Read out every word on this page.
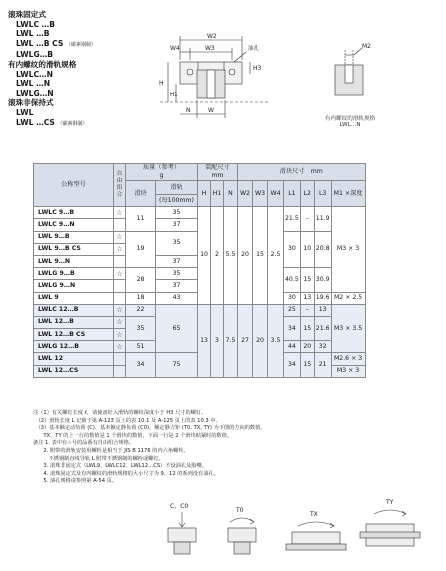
滚珠固定式
LWLC …B
LWL …B
LWL …B CS （碳素钢制）
LWLG…B
有内螺纹的滑轨规格
LWLC…N
LWL …N
LWLG…N
滚珠非保持式
LWL
LWL …CS （碳素钢制）
W2
W4	W3	油孔
H3
H
H1
N	W
M2
有内螺纹的滑轨规格
LWL…N
公称型号	自由组合	质量（参考）
g		装配尺寸
mm			滑块尺寸　 mm						
		滑块	滑轨	H	H1	N	W2	W3	W4	L1	L2	L3	M1 ×深度
			(每100mm)										
LWLC 9…B	☆	11	35	10	2	5.5	20	15	2.5	21.5	–	11.9	M3 × 3
LWLC 9…N			37										
LWL 9…B	☆	19	35							30	10	20.8	
LWL 9…B CS	☆												
LWL 9…N			37										
LWLG 9…B	☆	28	35							40.5	15	30.9	
LWLG 9…N			37										
LWL 9		18	43							30	13	19.6	M2 × 2.5
LWLC 12…B	☆	22	65	13	3	7.5	27	20	3.5	25	–	13	M3 × 3.5
LWL 12…B	☆	35								34	15	21.6	
LWL 12…B CS	☆												
LWLG 12…B	☆	51								44	20	32	
LWL 12		34	75							34	15	21	M2.6 × 3
LWL 12…CS													M3 × 3
注（1）有关螺钉长度 ℓ，请使备好入滑轨的螺纹深度小于 H3 尺寸的螺钉。
　（2）滑轨长度 L 记载于第 A-123 页上的表 10.1 及 A-125 页上的表 10.3 中。
　（3）基本额定动负荷 (C)、基本额定静负荷 (C0)、额定静力矩 (T0, TX, TY) 为下图的方向的数值。
　　TX、TY 的上一行的数值是 1 个滑块的数值，下面一行是 2 个滑块贴紧时的数值。
备注 1. 表中有☆号的品番有自由组合规格。
　　2. 附带的滑轨安装用螺栓是相当于 JIS B 1176 的内六角螺栓。
　　　不锈钢制直线导轨 L 附带不锈钢制的螺栓或螺钉。
　　3. 滚珠非固定式（LWL9、LWLC12、LWL12…CS）不设油孔及脂嘴。
　　4. 滚珠固定式及有内螺纹的滑轨规格的大小尺寸为 9、12 的系列没有油孔。
　　5. 油孔规格请参照第 A-54 页。
C、C0
T0
TX
TY
